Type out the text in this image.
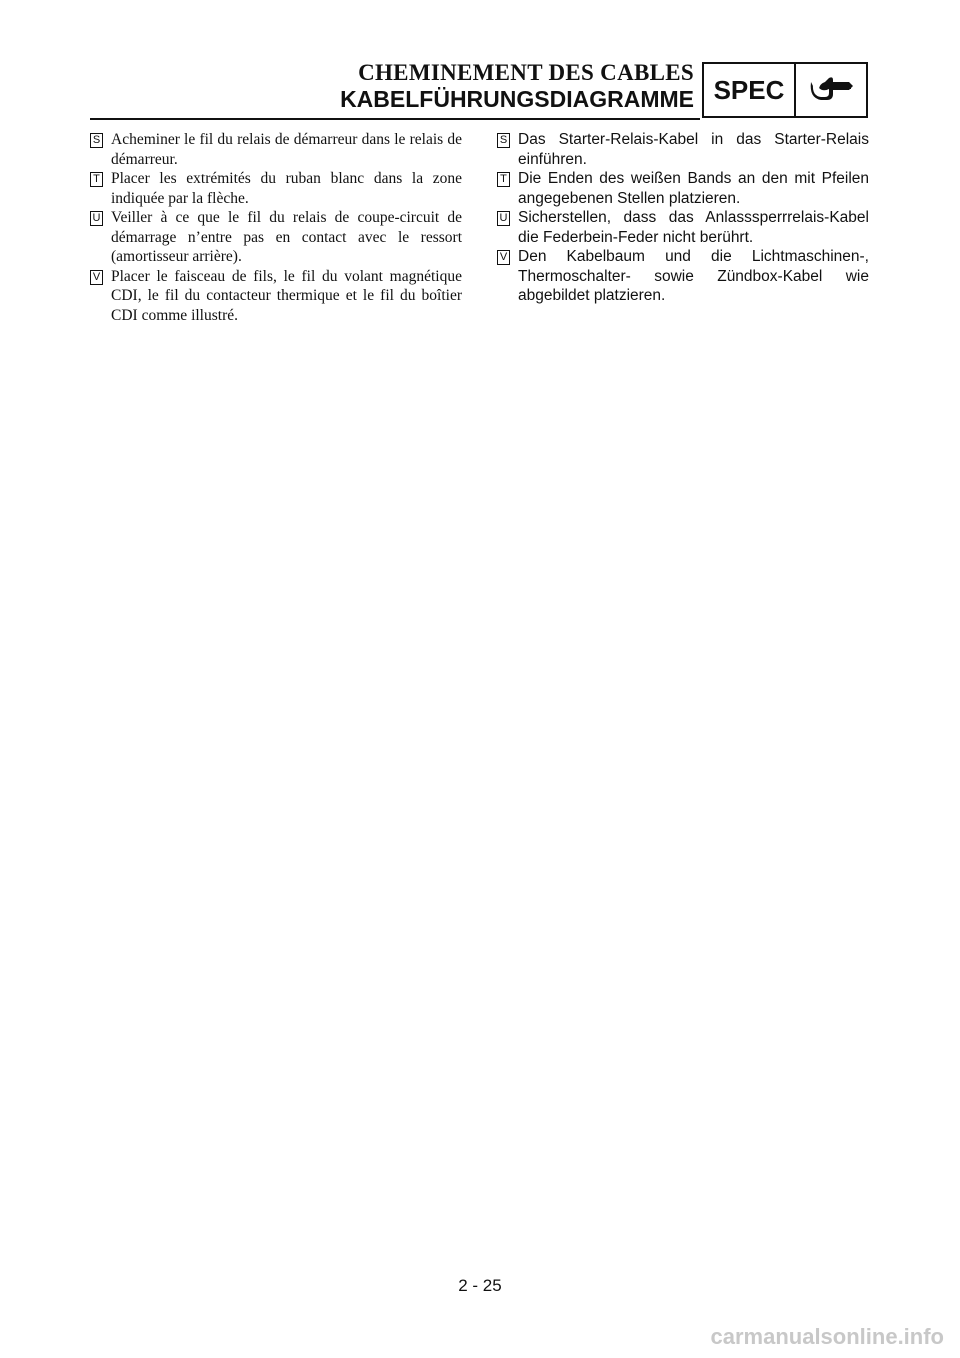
CHEMINEMENT DES CABLES
KABELFÜHRUNGSDIAGRAMME SPEC
S Acheminer le fil du relais de démarreur dans le relais de démarreur.
T Placer les extrémités du ruban blanc dans la zone indiquée par la flèche.
U Veiller à ce que le fil du relais de coupe-circuit de démarrage n’entre pas en contact avec le ressort (amortisseur arrière).
V Placer le faisceau de fils, le fil du volant magnétique CDI, le fil du contacteur thermique et le fil du boîtier CDI comme illustré.
S Das Starter-Relais-Kabel in das Starter-Relais einführen.
T Die Enden des weißen Bands an den mit Pfeilen angegebenen Stellen platzieren.
U Sicherstellen, dass das Anlasssperrrelais-Kabel die Federbein-Feder nicht berührt.
V Den Kabelbaum und die Lichtmaschinen-, Thermoschalter- sowie Zündbox-Kabel wie abgebildet platzieren.
2 - 25
carmanualsonline.info
